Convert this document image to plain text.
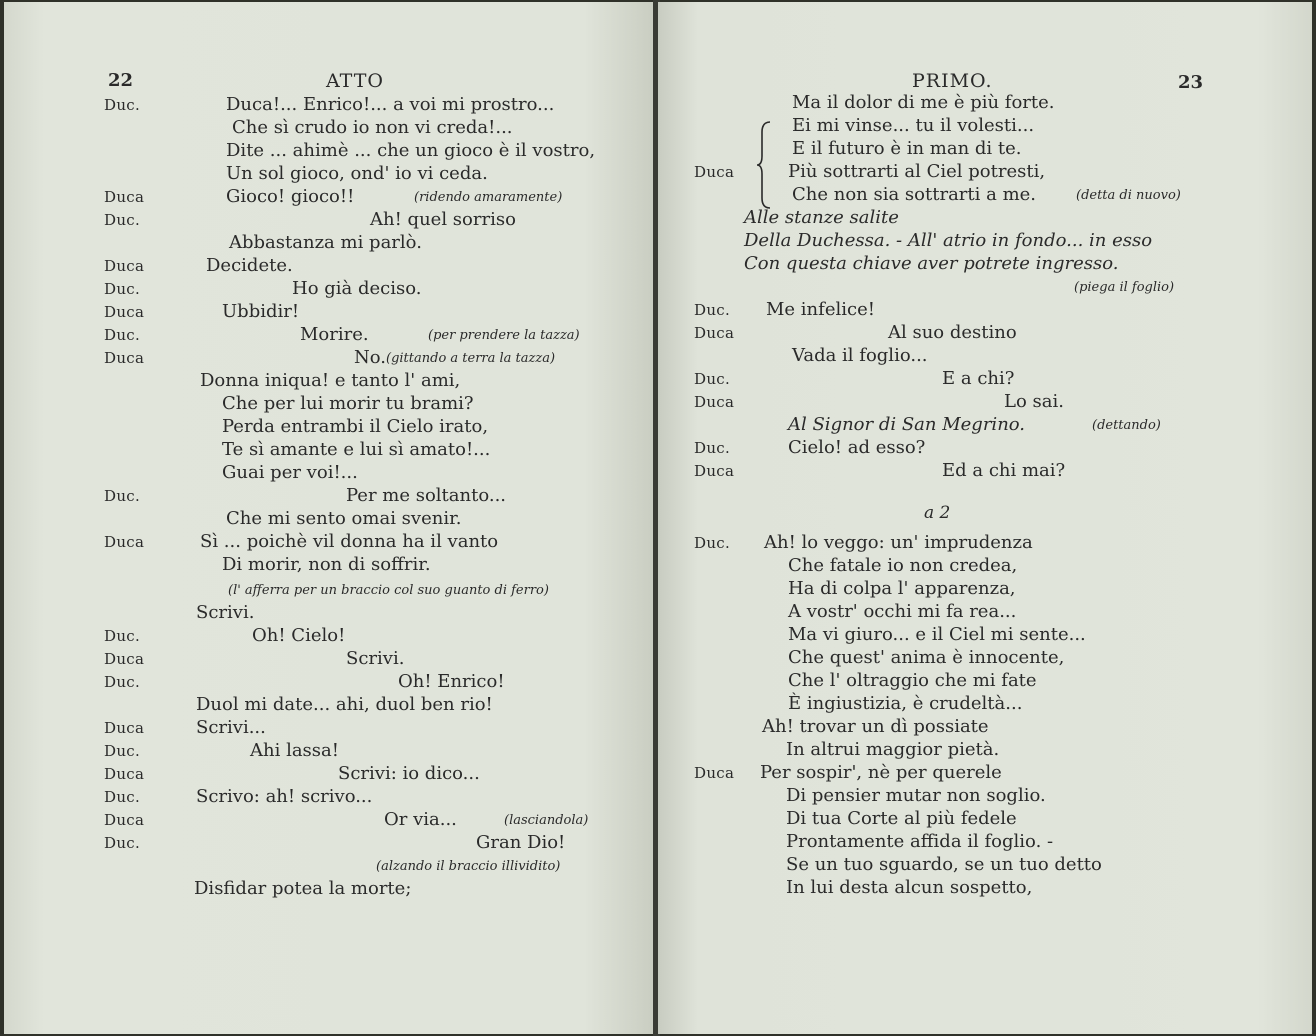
22	ATTO
Duc.	Duca!... Enrico!... a voi mi prostro...
Che sì crudo io non vi creda!...
Dite ... ahimè ... che un gioco è il vostro,
Un sol gioco, ond' io vi ceda.
Duca	Gioco! gioco!!	(ridendo amaramente)
Duc.	Ah! quel sorriso
Abbastanza mi parlò.
Duca	Decidete.
Duc.	Ho già deciso.
Duca	Ubbidir!
Duc.	Morire.	(per prendere la tazza)
Duca	No. (gittando a terra la tazza)
Donna iniqua! e tanto l' ami,
Che per lui morir tu brami?
Perda entrambi il Cielo irato,
Te sì amante e lui sì amato!...
Guai per voi!...
Duc.	Per me soltanto...
Che mi sento omai svenir.
Duca	Sì ... poichè vil donna ha il vanto
Di morir, non di soffrir.
(l' afferra per un braccio col suo guanto di ferro)
Scrivi.
Duc.	Oh! Cielo!
Duca	Scrivi.
Duc.	Oh! Enrico!
Duol mi date... ahi, duol ben rio!
Duca	Scrivi...
Duc.	Ahi lassa!
Duca	Scrivi: io dico...
Duc.	Scrivo: ah! scrivo...
Duca	Or via...	(lasciandola)
Duc.	Gran Dio!
(alzando il braccio illividito)
Disfidar potea la morte;
PRIMO.	23
a 2
Ma il dolor di me è più forte.
Ei mi vinse... tu il volesti...
E il futuro è in man di te.
Duca	Più sottrarti al Ciel potresti,
Che non sia sottrarti a me.	(detta di nuovo)
Alle stanze salite
Della Duchessa. - All' atrio in fondo... in esso
Con questa chiave aver potrete ingresso.
(piega il foglio)
Duc. Me infelice!
Duca	Al suo destino
Vada il foglio...
Duc.	E a chi?
Duca	Lo sai.
Al Signor di San Megrino.	(dettando)
Duc.	Cielo! ad esso?
Duca	Ed a chi mai?
Duc. Ah! lo veggo: un' imprudenza
Che fatale io non credea,
Ha di colpa l' apparenza,
A vostr' occhi mi fa rea...
Ma vi giuro... e il Ciel mi sente...
Che quest' anima è innocente,
Che l' oltraggio che mi fate
È ingiustizia, è crudeltà...
Ah! trovar un dì possiate
In altrui maggior pietà.
Duca Per sospir', nè per querele
Di pensier mutar non soglio.
Di tua Corte al più fedele
Prontamente affida il foglio. -
Se un tuo sguardo, se un tuo detto
In lui desta alcun sospetto,
